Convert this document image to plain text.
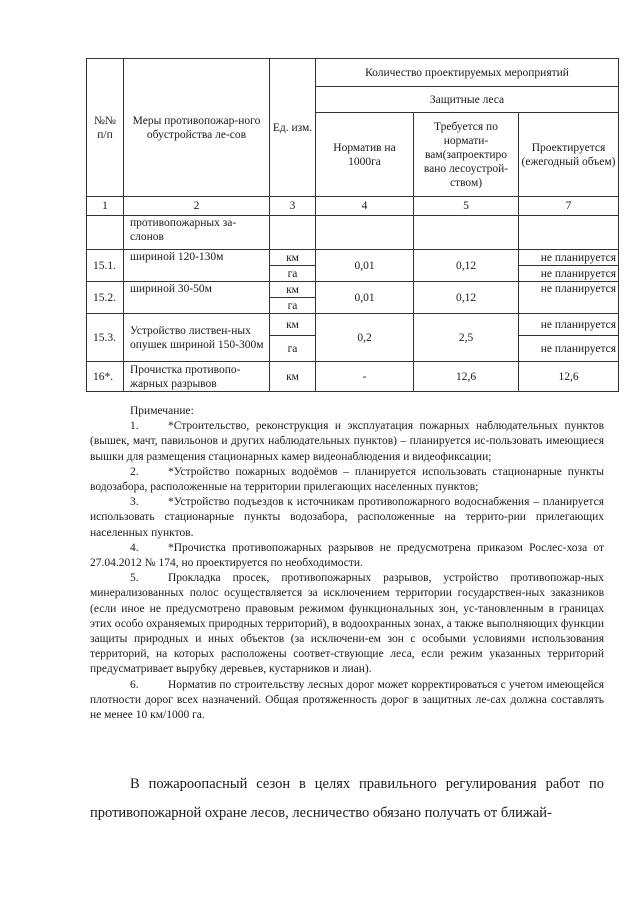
№№ п/п	Меры противопожар-ного обустройства ле-сов	Ед. изм.	Количество проектируемых мероприятий		
			Защитные леса		
			Норматив на 1000га	Требуется по нормати-вам(запроектиро вано лесоустрой-ством)	Проектируется (ежегодный объем)
1	2	3	4	5	7
	противопожарных за-слонов				
15.1.	шириной 120-130м	км	0,01	0,12	не планируется
		га			не планируется
15.2.	шириной 30-50м	км	0,01	0,12	не планируется
		га			
15.3.	Устройство листвен-ных опушек шириной 150-300м	км	0,2	2,5	не планируется
		га			не планируется
16*.	Прочистка противопо-жарных разрывов	км	-	12,6	12,6

Примечание:

1.	*Строительство, реконструкция и эксплуатация пожарных наблюдательных пунктов (вышек, мачт, павильонов и других наблюдательных пунктов) – планируется ис-пользовать имеющиеся вышки для размещения стационарных камер видеонаблюдения и видеофиксации;

2.	*Устройство пожарных водоёмов – планируется использовать стационарные пункты водозабора, расположенные на территории прилегающих населенных пунктов;

3.	*Устройство подъездов к источникам противопожарного водоснабжения – планируется использовать стационарные пункты водозабора, расположенные на террито-рии прилегающих населенных пунктов.

4.	*Прочистка противопожарных разрывов не предусмотрена приказом Рослес-хоза от 27.04.2012 № 174, но проектируется по необходимости.

5.	Прокладка просек, противопожарных разрывов, устройство противопожар-ных минерализованных полос осуществляется за исключением территории государствен-ных заказников (если иное не предусмотрено правовым режимом функциональных зон, ус-тановленным в границах этих особо охраняемых природных территорий), в водоохранных зонах, а также выполняющих функции защиты природных и иных объектов (за исключени-ем зон с особыми условиями использования территорий, на которых расположены соответ-ствующие леса, если режим указанных территорий предусматривает вырубку деревьев, кустарников и лиан).

6.	Норматив по строительству лесных дорог может корректироваться с учетом имеющейся плотности дорог всех назначений. Общая протяженность дорог в защитных ле-сах должна составлять не менее 10 км/1000 га.

В пожароопасный сезон в целях правильного регулирования работ по противопожарной охране лесов, лесничество обязано получать от ближай-
